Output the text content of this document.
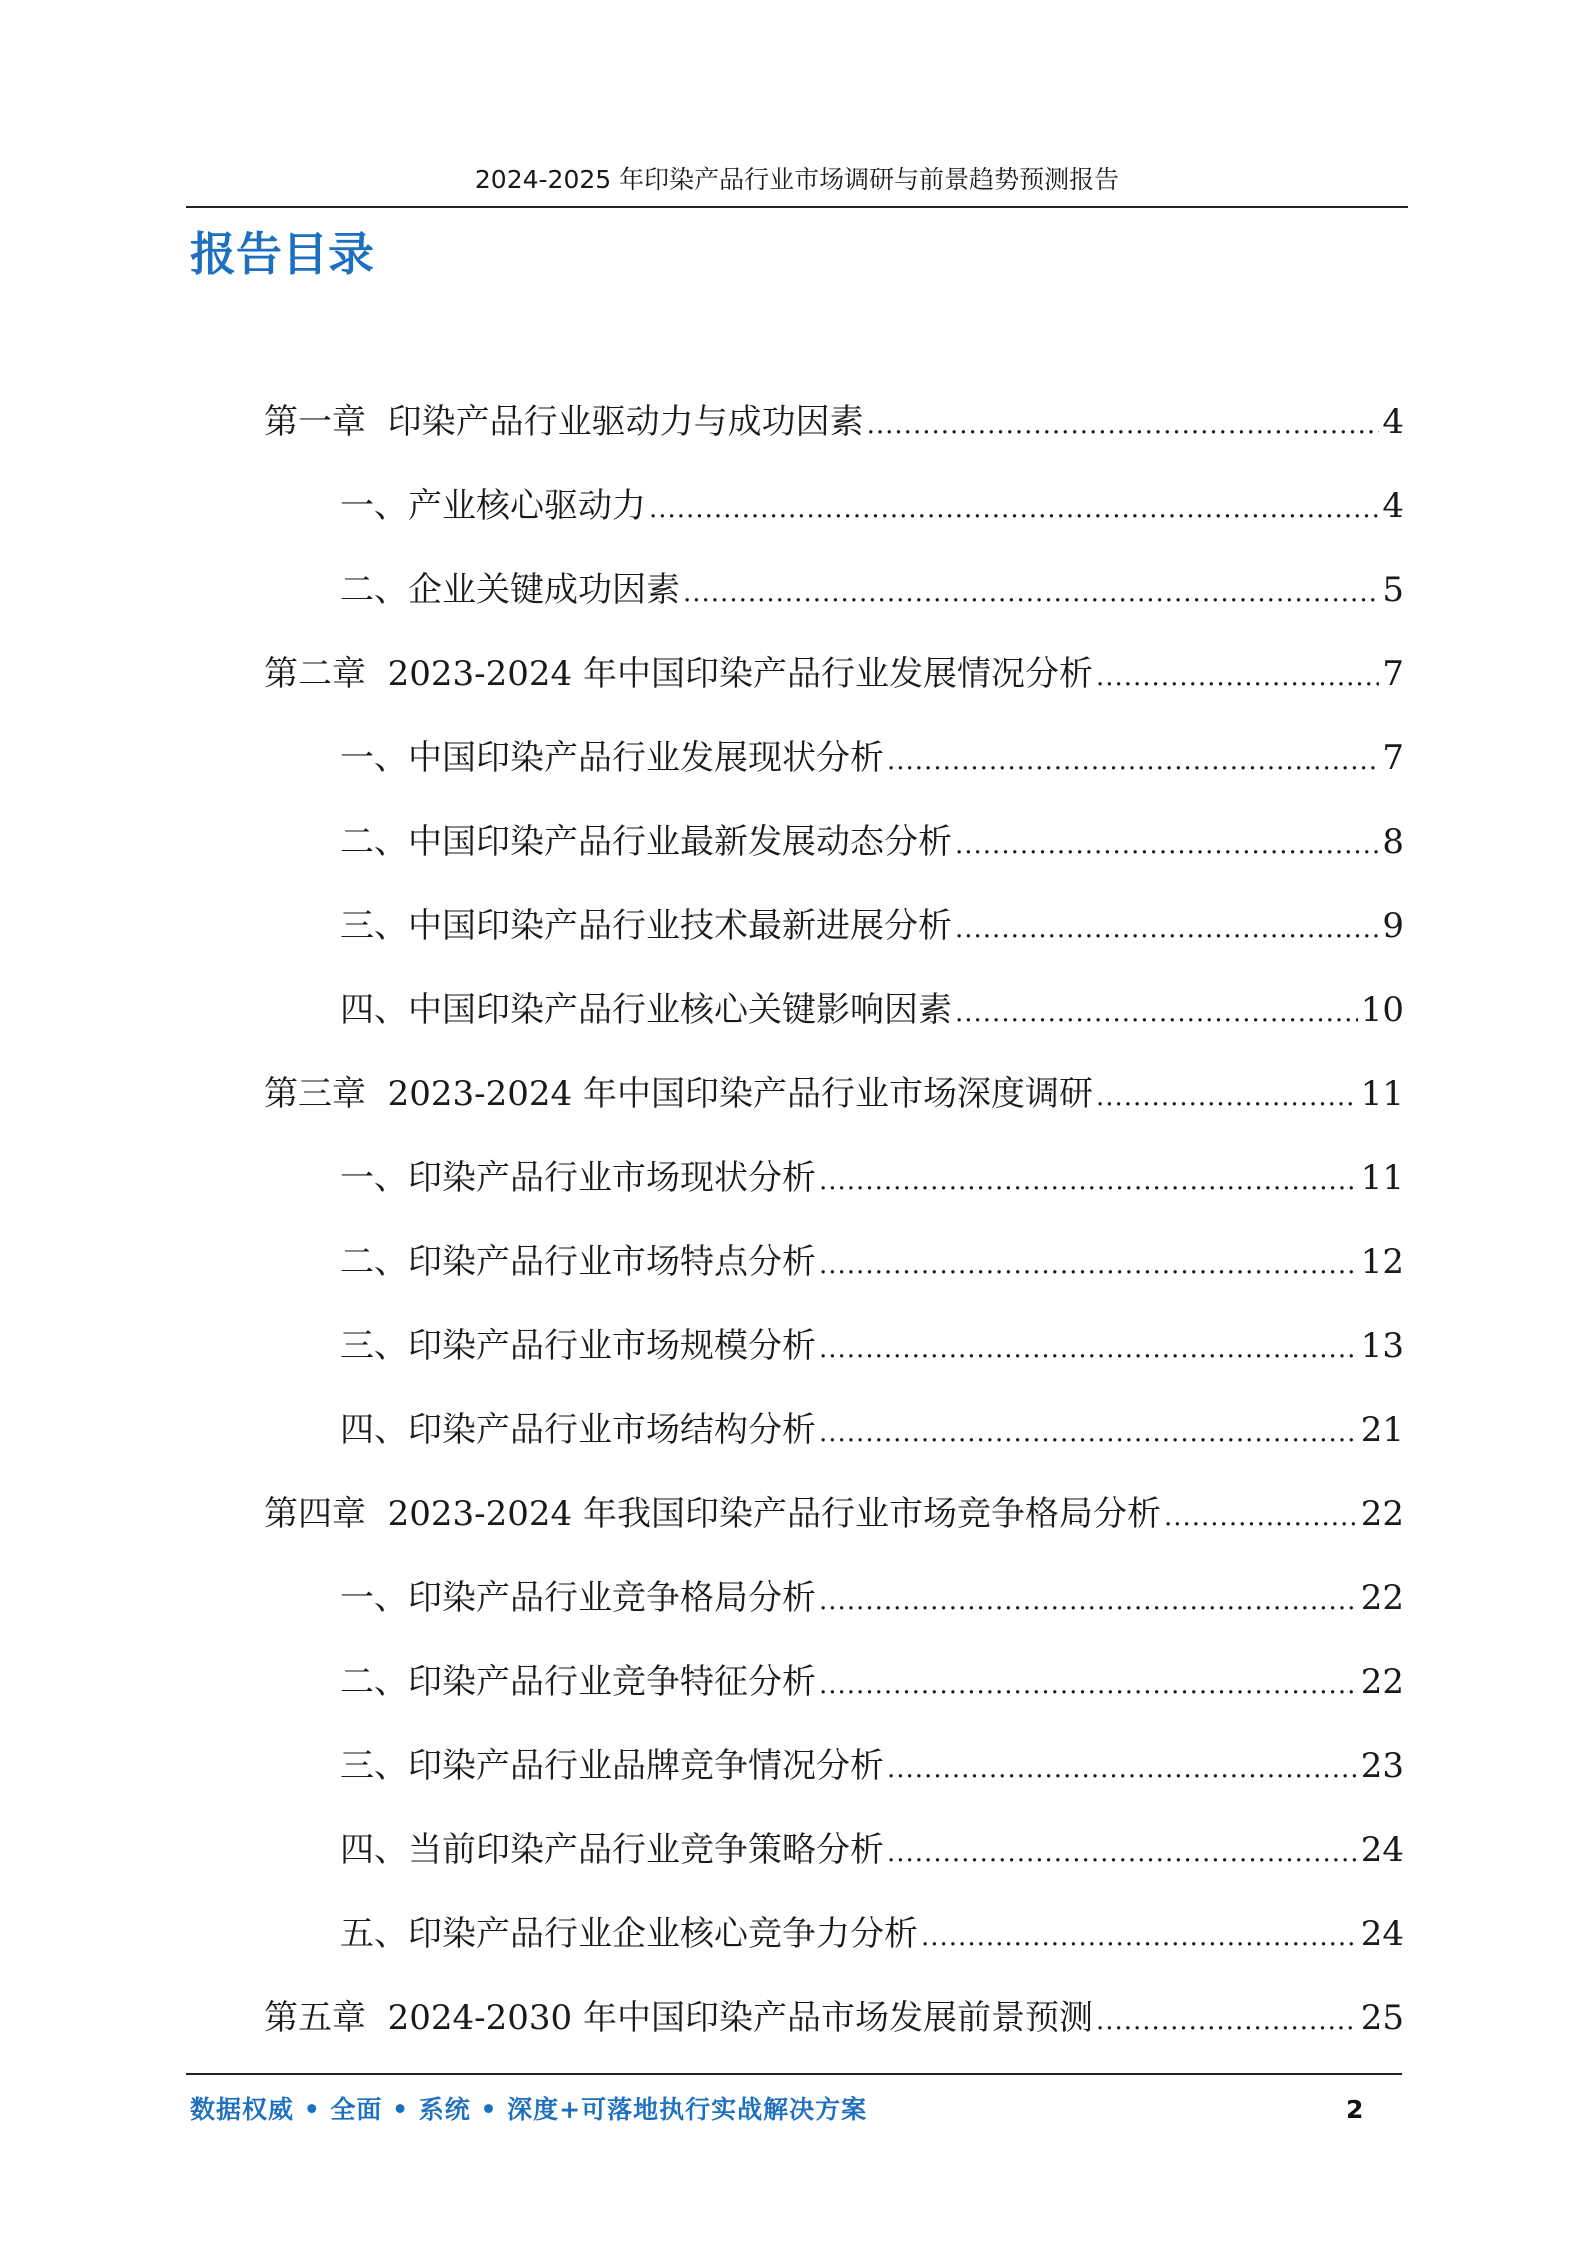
2024-2025 年印染产品行业市场调研与前景趋势预测报告
报告目录
第一章  印染产品行业驱动力与成功因素 .....	4
一、产业核心驱动力 .....	4
二、企业关键成功因素 .....	5
第二章  2023-2024 年中国印染产品行业发展情况分析 .....	7
一、中国印染产品行业发展现状分析 .....	7
二、中国印染产品行业最新发展动态分析 .....	8
三、中国印染产品行业技术最新进展分析 .....	9
四、中国印染产品行业核心关键影响因素 .....	10
第三章  2023-2024 年中国印染产品行业市场深度调研 .....	11
一、印染产品行业市场现状分析 .....	11
二、印染产品行业市场特点分析 .....	12
三、印染产品行业市场规模分析 .....	13
四、印染产品行业市场结构分析 .....	21
第四章  2023-2024 年我国印染产品行业市场竞争格局分析 .....	22
一、印染产品行业竞争格局分析 .....	22
二、印染产品行业竞争特征分析 .....	22
三、印染产品行业品牌竞争情况分析 .....	23
四、当前印染产品行业竞争策略分析 .....	24
五、印染产品行业企业核心竞争力分析 .....	24
第五章  2024-2030 年中国印染产品市场发展前景预测 .....	25
数据权威 • 全面 • 系统 • 深度+可落地执行实战解决方案	2
